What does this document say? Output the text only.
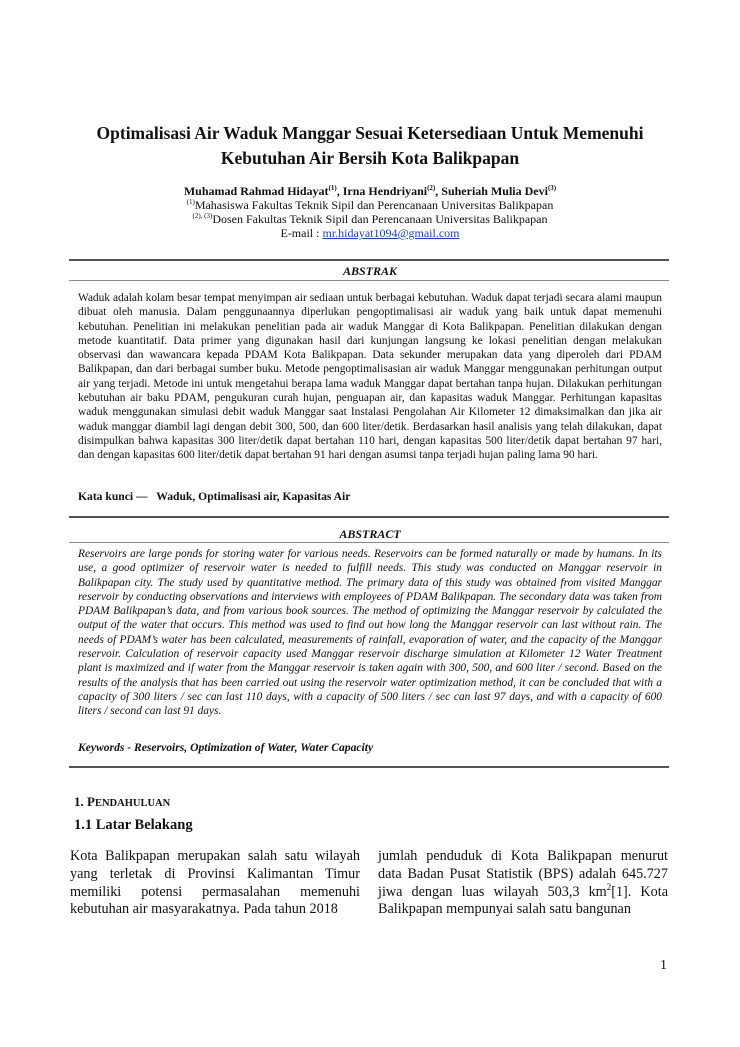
Optimalisasi Air Waduk Manggar Sesuai Ketersediaan Untuk Memenuhi
Kebutuhan Air Bersih Kota Balikpapan
Muhamad Rahmad Hidayat$^{(1)}$, Irna Hendriyani$^{(2)}$, Suheriah Mulia Devi$^{(3)}$
$^{(1)}$Mahasiswa Fakultas Teknik Sipil dan Perencanaan Universitas Balikpapan
$^{(2), (3)}$Dosen Fakultas Teknik Sipil dan Perencanaan Universitas Balikpapan
E-mail : mr.hidayat1094@gmail.com
ABSTRAK

Waduk adalah kolam besar tempat menyimpan air sediaan untuk berbagai kebutuhan. Waduk dapat terjadi secara alami maupun dibuat oleh manusia. Dalam penggunaannya diperlukan pengoptimalisasi air waduk yang baik untuk dapat memenuhi kebutuhan. Penelitian ini melakukan penelitian pada air waduk Manggar di Kota Balikpapan. Penelitian dilakukan dengan metode kuantitatif. Data primer yang digunakan hasil dari kunjungan langsung ke lokasi penelitian dengan melakukan observasi dan wawancara kepada PDAM Kota Balikpapan. Data sekunder merupakan data yang diperoleh dari PDAM Balikpapan, dan dari berbagai sumber buku. Metode pengoptimalisasian air waduk Manggar menggunakan perhitungan output air yang terjadi. Metode ini untuk mengetahui berapa lama waduk Manggar dapat bertahan tanpa hujan. Dilakukan perhitungan kebutuhan air baku PDAM, pengukuran curah hujan, penguapan air, dan kapasitas waduk Manggar. Perhitungan kapasitas waduk menggunakan simulasi debit waduk Manggar saat Instalasi Pengolahan Air Kilometer 12 dimaksimalkan dan jika air waduk manggar diambil lagi dengan debit 300, 500, dan 600 liter/detik. Berdasarkan hasil analisis yang telah dilakukan, dapat disimpulkan bahwa kapasitas 300 liter/detik dapat bertahan 110 hari, dengan kapasitas 500 liter/detik dapat bertahan 97 hari, dan dengan kapasitas 600 liter/detik dapat bertahan 91 hari dengan asumsi tanpa terjadi hujan paling lama 90 hari.

Kata kunci — Waduk, Optimalisasi air, Kapasitas Air
ABSTRACT

Reservoirs are large ponds for storing water for various needs. Reservoirs can be formed naturally or made by humans. In its use, a good optimizer of reservoir water is needed to fulfill needs. This study was conducted on Manggar reservoir in Balikpapan city. The study used by quantitative method. The primary data of this study was obtained from visited Manggar reservoir by conducting observations and interviews with employees of PDAM Balikpapan. The secondary data was taken from PDAM Balikpapan’s data, and from various book sources. The method of optimizing the Manggar reservoir by calculated the output of the water that occurs. This method was used to find out how long the Manggar reservoir can last without rain. The needs of PDAM’s water has been calculated, measurements of rainfall, evaporation of water, and the capacity of the Manggar reservoir. Calculation of reservoir capacity used Manggar reservoir discharge simulation at Kilometer 12 Water Treatment plant is maximized and if water from the Manggar reservoir is taken again with 300, 500, and 600 liter / second. Based on the results of the analysis that has been carried out using the reservoir water optimization method, it can be concluded that with a capacity of 300 liters / sec can last 110 days, with a capacity of 500 liters / sec can last 97 days, and with a capacity of 600 liters / second can last 91 days.

Keywords - Reservoirs, Optimization of Water, Water Capacity
1. PENDAHULUAN
1.1 Latar Belakang

Kota Balikpapan merupakan salah satu wilayah yang terletak di Provinsi Kalimantan Timur memiliki potensi permasalahan memenuhi kebutuhan air masyarakatnya. Pada tahun 2018

jumlah penduduk di Kota Balikpapan menurut data Badan Pusat Statistik (BPS) adalah 645.727 jiwa dengan luas wilayah 503,3 $km^2[1]$. Kota Balikpapan mempunyai salah satu bangunan

1
